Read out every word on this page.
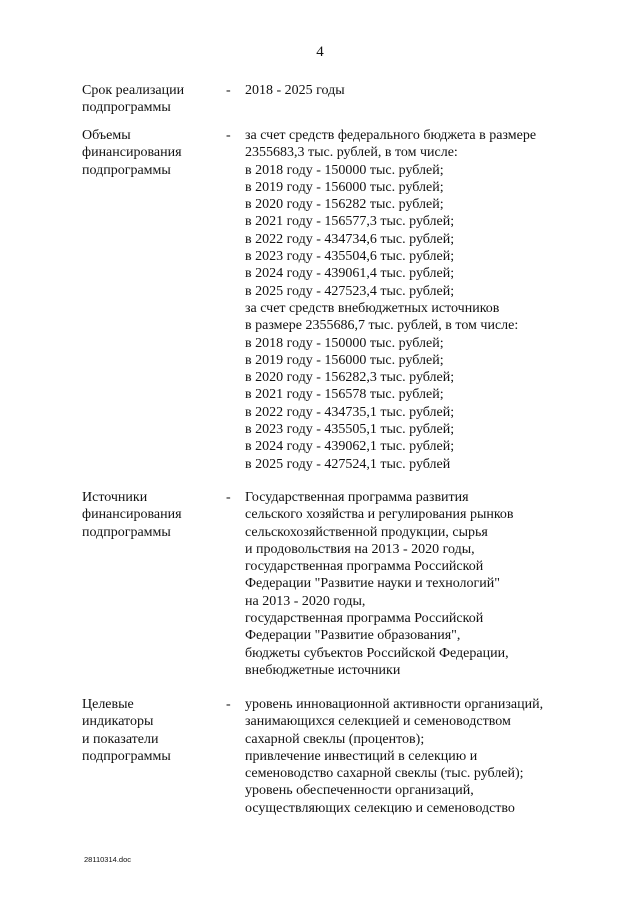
4
Срок реализации
подпрограммы
- 2018 - 2025 годы
Объемы
финансирования
подпрограммы
- за счет средств федерального бюджета в размере
2355683,3 тыс. рублей, в том числе:
в 2018 году - 150000 тыс. рублей;
в 2019 году - 156000 тыс. рублей;
в 2020 году - 156282 тыс. рублей;
в 2021 году - 156577,3 тыс. рублей;
в 2022 году - 434734,6 тыс. рублей;
в 2023 году - 435504,6 тыс. рублей;
в 2024 году - 439061,4 тыс. рублей;
в 2025 году - 427523,4 тыс. рублей;
за счет средств внебюджетных источников
в размере 2355686,7 тыс. рублей, в том числе:
в 2018 году - 150000 тыс. рублей;
в 2019 году - 156000 тыс. рублей;
в 2020 году - 156282,3 тыс. рублей;
в 2021 году - 156578 тыс. рублей;
в 2022 году - 434735,1 тыс. рублей;
в 2023 году - 435505,1 тыс. рублей;
в 2024 году - 439062,1 тыс. рублей;
в 2025 году - 427524,1 тыс. рублей
Источники
финансирования
подпрограммы
- Государственная программа развития
сельского хозяйства и регулирования рынков
сельскохозяйственной продукции, сырья
и продовольствия на 2013 - 2020 годы,
государственная программа Российской
Федерации "Развитие науки и технологий"
на 2013 - 2020 годы,
государственная программа Российской
Федерации "Развитие образования",
бюджеты субъектов Российской Федерации,
внебюджетные источники
Целевые
индикаторы
и показатели
подпрограммы
- уровень инновационной активности организаций,
занимающихся селекцией и семеноводством
сахарной свеклы (процентов);
привлечение инвестиций в селекцию и
семеноводство сахарной свеклы (тыс. рублей);
уровень обеспеченности организаций,
осуществляющих селекцию и семеноводство
28110314.doc
